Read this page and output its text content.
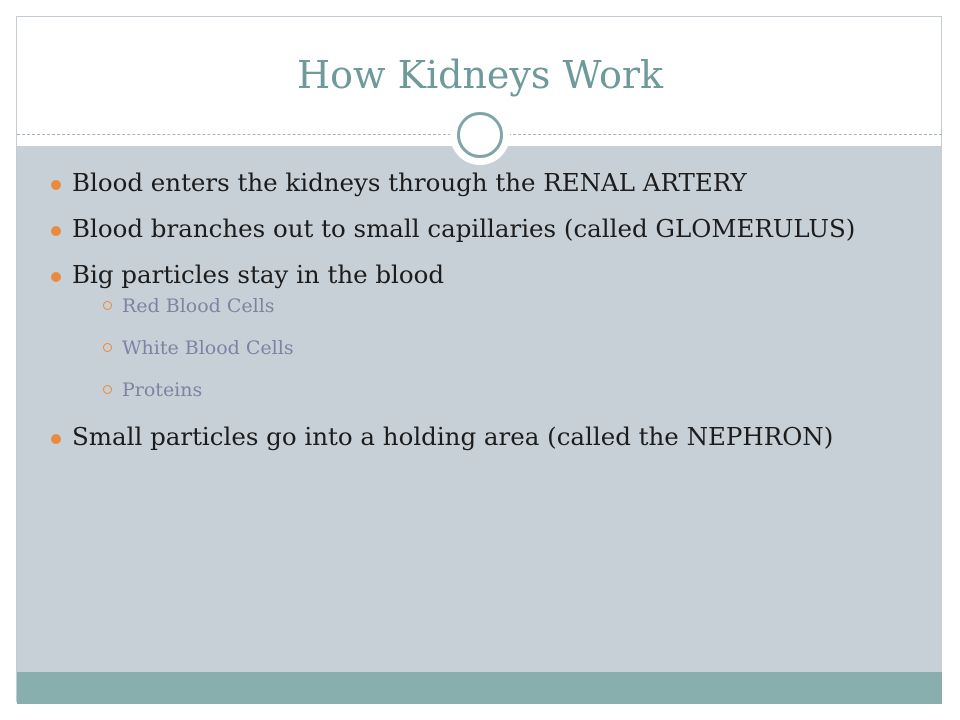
How Kidneys Work
Blood enters the kidneys through the RENAL ARTERY
Blood branches out to small capillaries (called GLOMERULUS)
Big particles stay in the blood
Red Blood Cells
White Blood Cells
Proteins
Small particles go into a holding area (called the NEPHRON)
